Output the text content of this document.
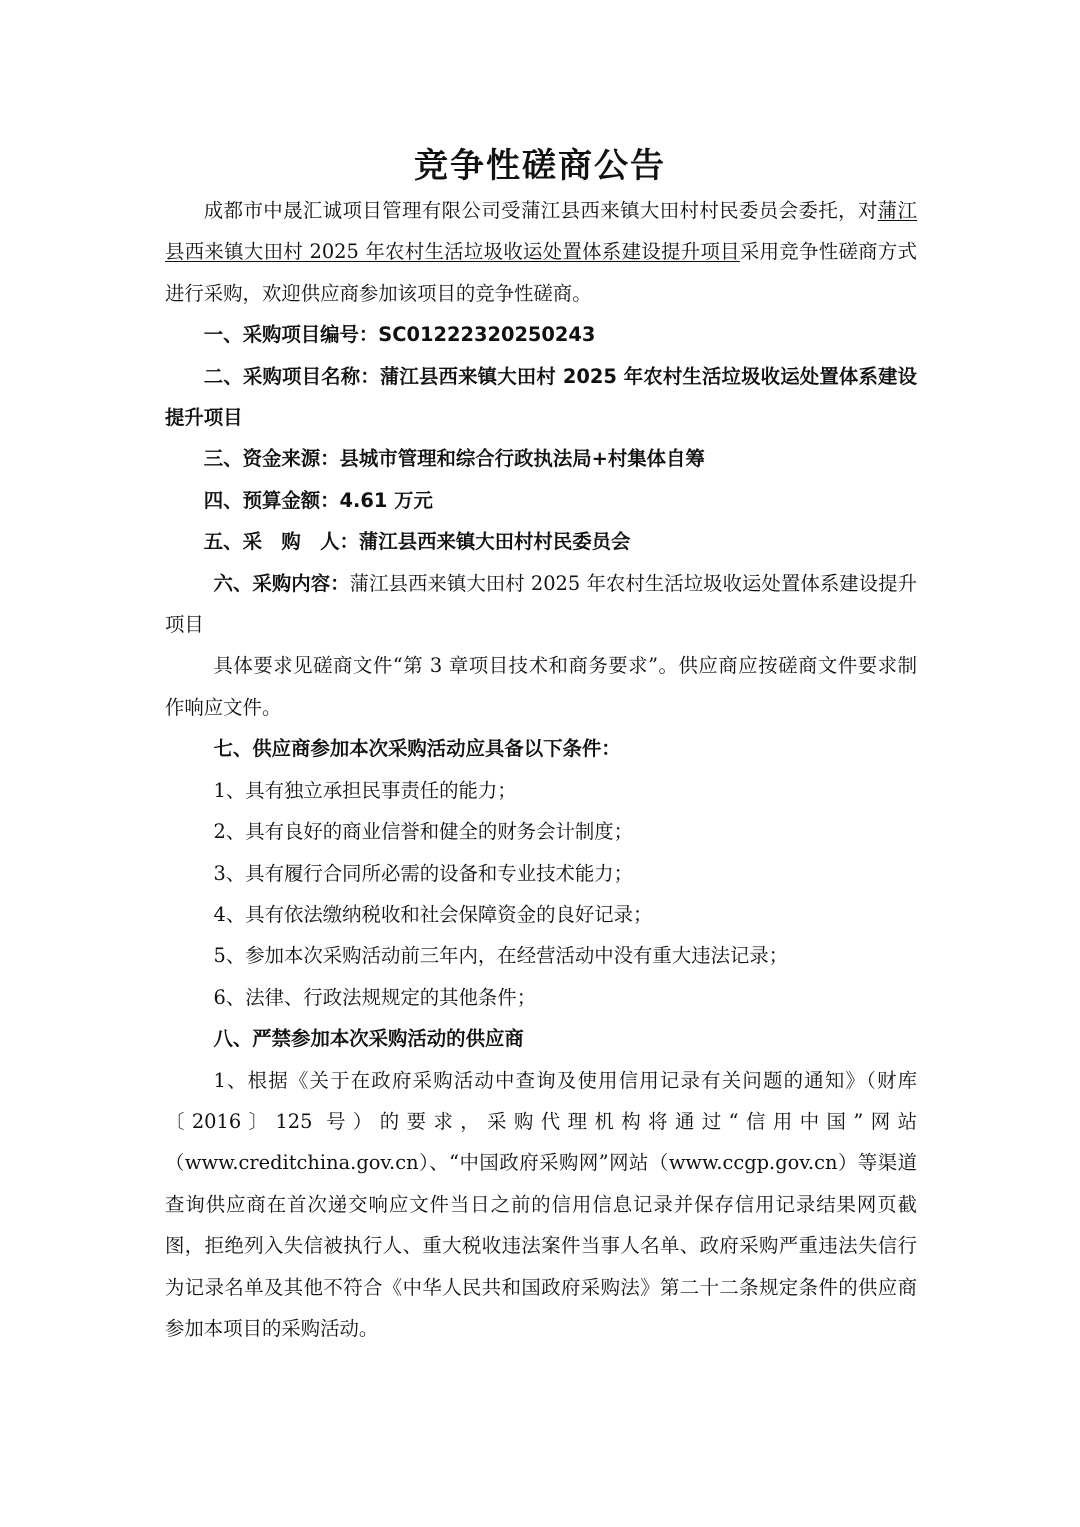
竞争性磋商公告

成都市中晟汇诚项目管理有限公司受蒲江县西来镇大田村村民委员会委托，对蒲江县西来镇大田村 2025 年农村生活垃圾收运处置体系建设提升项目采用竞争性磋商方式进行采购，欢迎供应商参加该项目的竞争性磋商。

一、采购项目编号：SC01222320250243

二、采购项目名称：蒲江县西来镇大田村 2025 年农村生活垃圾收运处置体系建设提升项目

三、资金来源：县城市管理和综合行政执法局+村集体自筹

四、预算金额：4.61 万元

五、采　购　人：蒲江县西来镇大田村村民委员会

六、采购内容：蒲江县西来镇大田村 2025 年农村生活垃圾收运处置体系建设提升项目

具体要求见磋商文件“第 3 章项目技术和商务要求”。供应商应按磋商文件要求制作响应文件。

七、供应商参加本次采购活动应具备以下条件：

1、具有独立承担民事责任的能力；

2、具有良好的商业信誉和健全的财务会计制度；

3、具有履行合同所必需的设备和专业技术能力；

4、具有依法缴纳税收和社会保障资金的良好记录；

5、参加本次采购活动前三年内，在经营活动中没有重大违法记录；

6、法律、行政法规规定的其他条件；

八、严禁参加本次采购活动的供应商

1、根据《关于在政府采购活动中查询及使用信用记录有关问题的通知》（财库〔2016〕125 号）的要求，采购代理机构将通过“信用中国”网站（www.creditchina.gov.cn）、“中国政府采购网”网站（www.ccgp.gov.cn）等渠道查询供应商在首次递交响应文件当日之前的信用信息记录并保存信用记录结果网页截图，拒绝列入失信被执行人、重大税收违法案件当事人名单、政府采购严重违法失信行为记录名单及其他不符合《中华人民共和国政府采购法》第二十二条规定条件的供应商参加本项目的采购活动。
